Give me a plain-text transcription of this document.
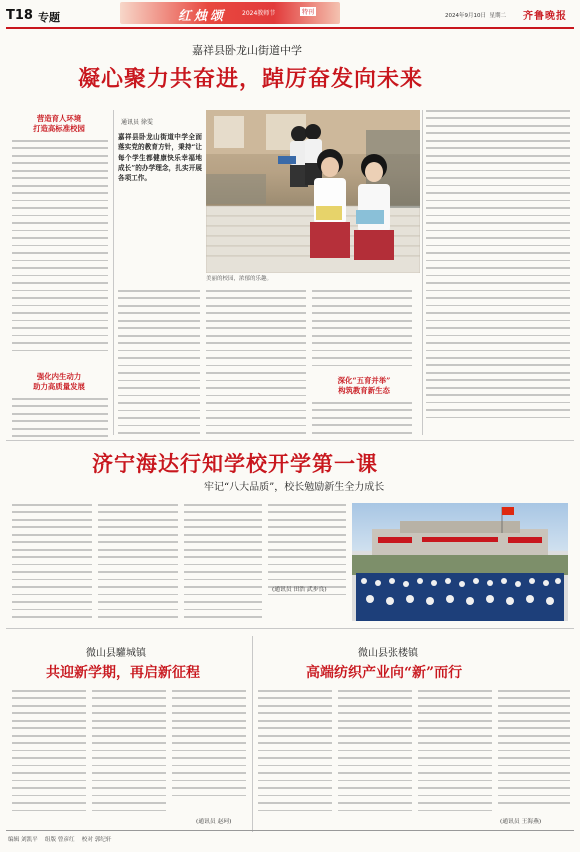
T18 专题	红烛颂	2024教师节	特刊	2024年9月10日 星期二 齐鲁晚报
嘉祥县卧龙山街道中学
凝心聚力共奋进，踔厉奋发向未来
营造育人环境
打造高标准校园
强化内生动力
助力高质量发展
通讯员 徐雯
嘉祥县卧龙山街道中学全面落实党的教育方针，秉持“让每个学生都健康快乐幸福地成长”的办学理念，扎实开展各项工作。
美丽的校园，浓郁的乐趣。
深化“五育并举”
构筑教育新生态
济宁海达行知学校开学第一课
牢记“八大品质”，校长勉励新生全力成长
(通讯员 田浩 武步良)
微山县驩城镇
共迎新学期，再启新征程
(通讯员 赵珂)
微山县张楼镇
高端纺织产业向“新”而行
(通讯员 王海燕)
编辑 刘凯平 组版 曾彦红 校对 郭纪轩
